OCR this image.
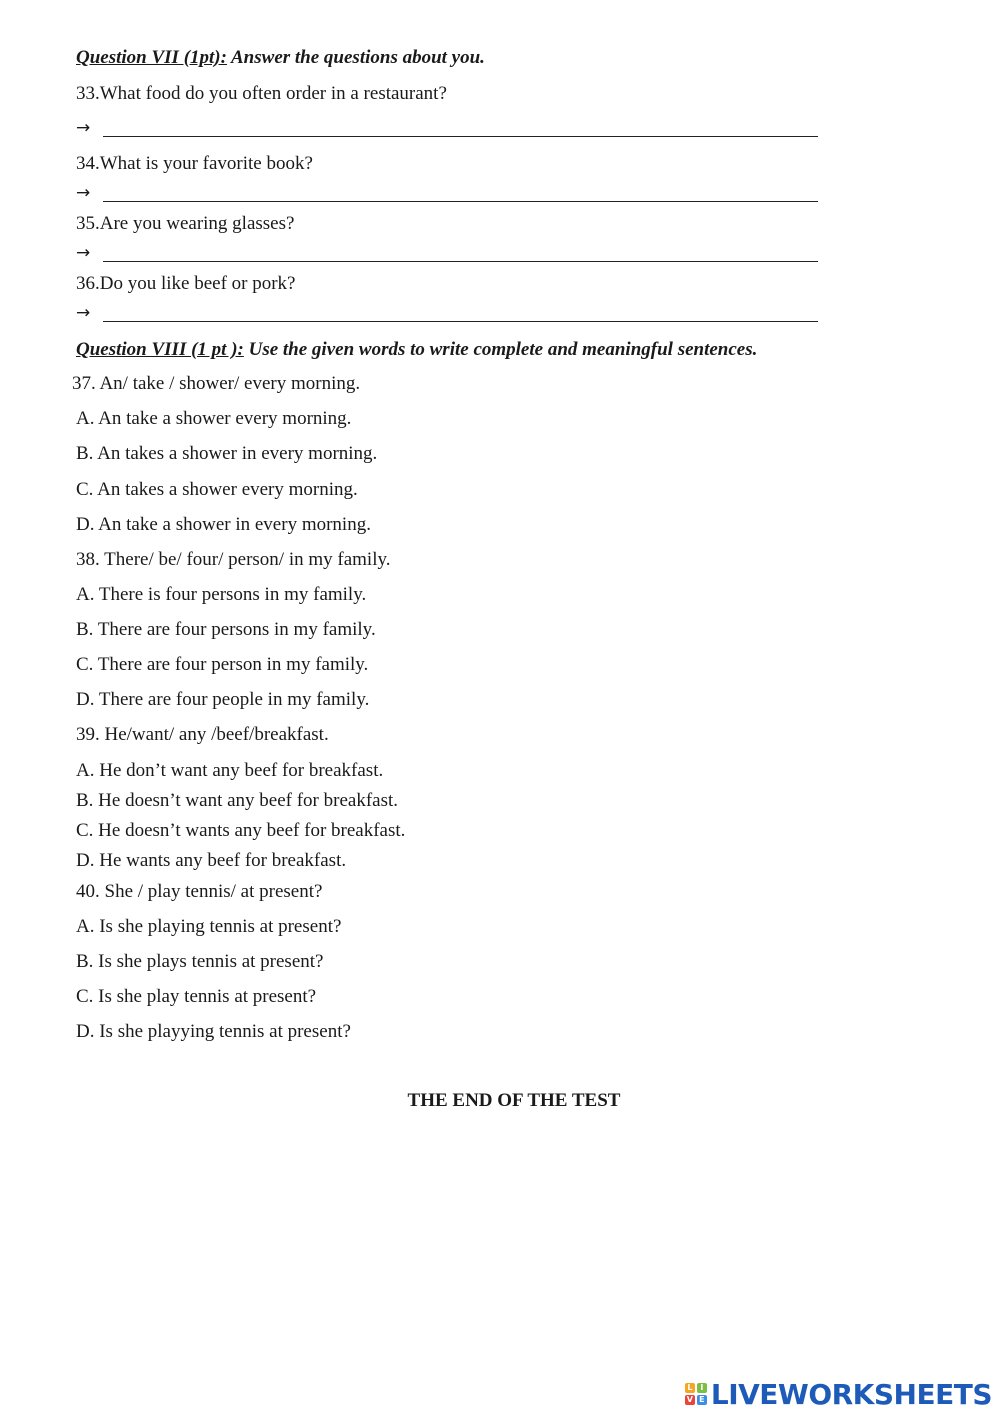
Question VII (1pt): Answer the questions about you.
33.What food do you often order in a restaurant?
→
34.What is your favorite book?
→
35.Are you wearing glasses?
→
36.Do you like beef or pork?
→
Question VIII (1 pt ): Use the given words to write complete and meaningful sentences.
37. An/ take / shower/ every morning.
A. An take a shower every morning.
B. An takes a shower in every morning.
C. An takes a shower every morning.
D. An take a shower in every morning.
38. There/ be/ four/ person/ in my family.
A. There is four persons in my family.
B. There are four persons in my family.
C. There are four person in my family.
D. There are four people in my family.
39. He/want/ any /beef/breakfast.
A. He don’t want any beef for breakfast.
B. He doesn’t want any beef for breakfast.
C. He doesn’t wants any beef for breakfast.
D. He wants any beef for breakfast.
40. She / play tennis/ at present?
A. Is she playing tennis at present?
B. Is she plays tennis at present?
C. Is she play tennis at present?
D. Is she playying tennis at present?
THE END OF THE TEST
L I
V E LIVEWORKSHEETS
